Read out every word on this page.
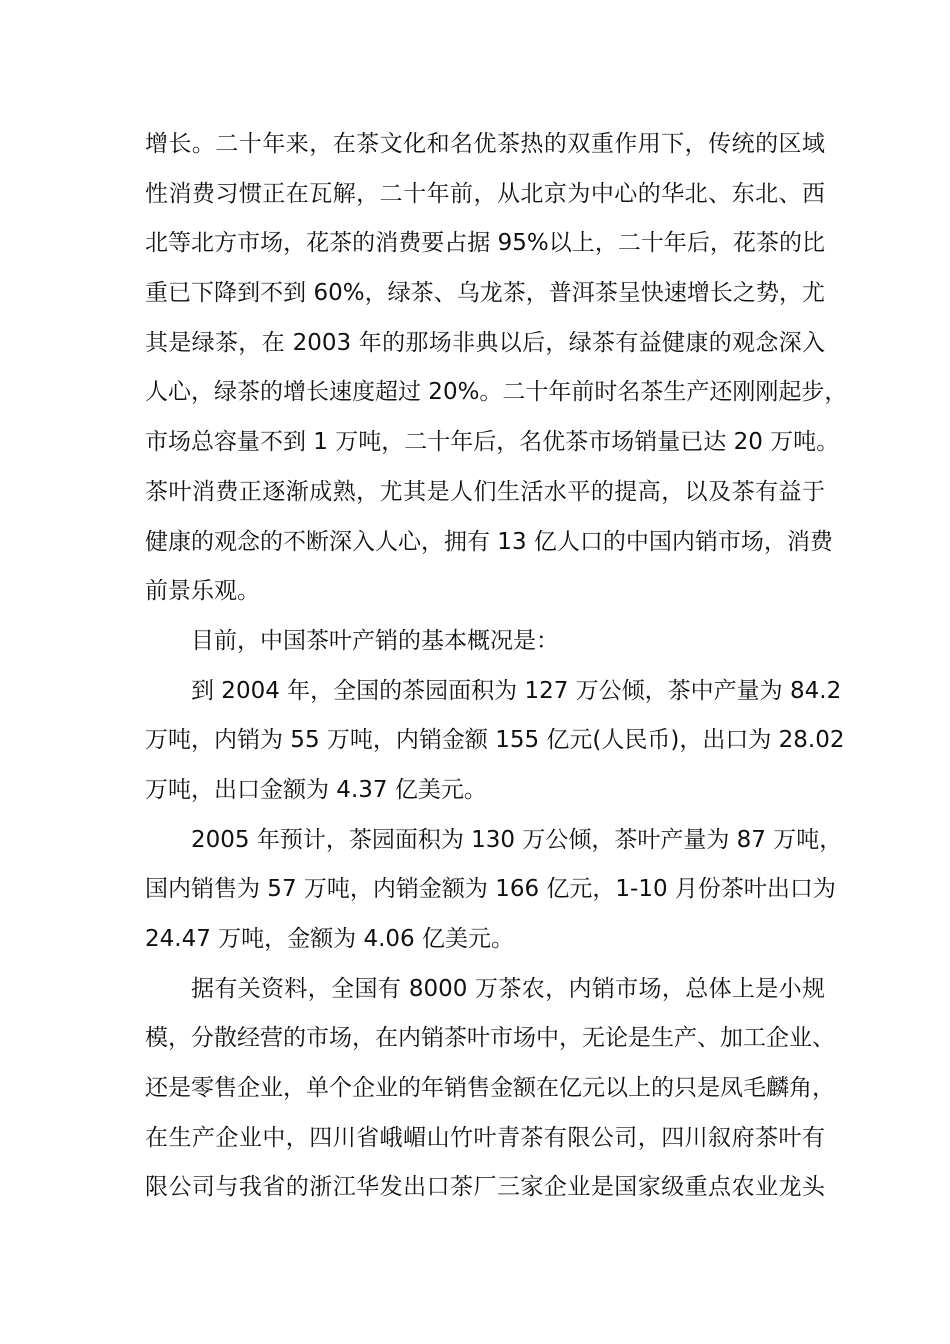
增长。二十年来，在茶文化和名优茶热的双重作用下，传统的区域
性消费习惯正在瓦解，二十年前，从北京为中心的华北、东北、西
北等北方市场，花茶的消费要占据 95%以上，二十年后，花茶的比
重已下降到不到 60%，绿茶、乌龙茶，普洱茶呈快速增长之势，尤
其是绿茶，在 2003 年的那场非典以后，绿茶有益健康的观念深入
人心，绿茶的增长速度超过 20%。二十年前时名茶生产还刚刚起步，
市场总容量不到 1 万吨，二十年后，名优茶市场销量已达 20 万吨。
茶叶消费正逐渐成熟，尤其是人们生活水平的提高，以及茶有益于
健康的观念的不断深入人心，拥有 13 亿人口的中国内销市场，消费
前景乐观。
目前，中国茶叶产销的基本概况是：
到 2004 年，全国的茶园面积为 127 万公倾，茶中产量为 84.2
万吨，内销为 55 万吨，内销金额 155 亿元(人民币)，出口为 28.02
万吨，出口金额为 4.37 亿美元。
2005 年预计，茶园面积为 130 万公倾，茶叶产量为 87 万吨，
国内销售为 57 万吨，内销金额为 166 亿元，1-10 月份茶叶出口为
24.47 万吨，金额为 4.06 亿美元。
据有关资料，全国有 8000 万茶农，内销市场，总体上是小规
模，分散经营的市场，在内销茶叶市场中，无论是生产、加工企业、
还是零售企业，单个企业的年销售金额在亿元以上的只是凤毛麟角，
在生产企业中，四川省峨嵋山竹叶青茶有限公司，四川叙府茶叶有
限公司与我省的浙江华发出口茶厂三家企业是国家级重点农业龙头
